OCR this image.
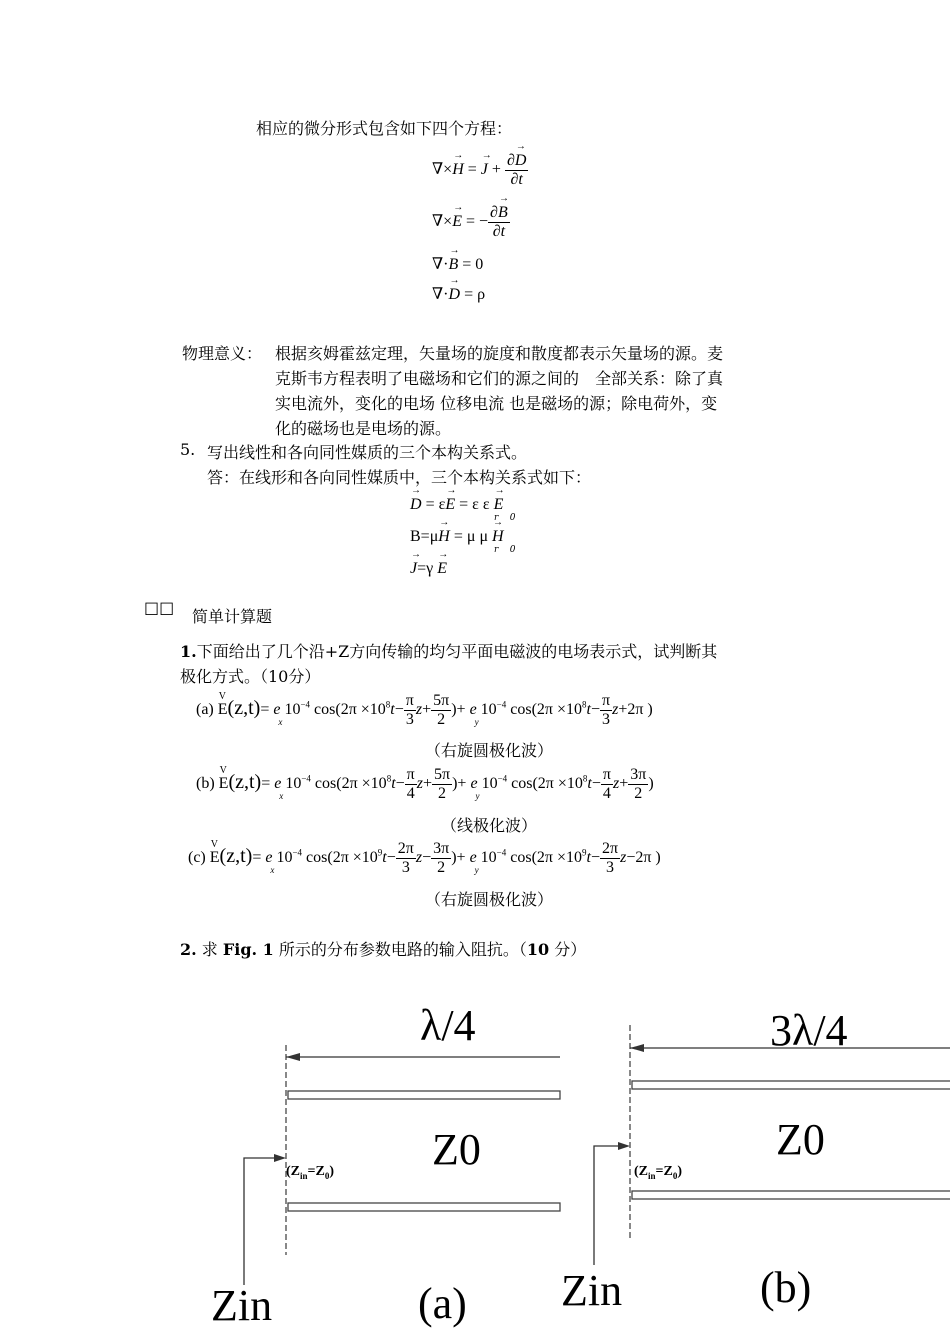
相应的微分形式包含如下四个方程：
∇×→ H = → $J + \frac{\partial\to D}{\partial t}$
∇×→ E = − $\frac{\partial\to B}{\partial t}$
∇·→ B = 0
∇·→ D = ρ
物理意义： 根据亥姆霍兹定理，矢量场的旋度和散度都表示矢量场的源。麦
克斯韦方程表明了电磁场和它们的源之间的　全部关系：除了真
实电流外，变化的电场 位移电流 也是磁场的源；除电荷外，变
化的磁场也是电场的源。
5. 写出线性和各向同性媒质的三个本构关系式。
答：在线形和各向同性媒质中，三个本构关系式如下：
→ D = ε→ E = ε ε → E
r    0
B=μ→ H = μ μ → H
r    0
→ J=γ → E
□□ 简单计算题
1.下面给出了几个沿+Z方向传输的均匀平面电磁波的电场表示式，试判断其
极化方式。（10分）
(a)
V
E(z,t)= e
x
$10^{-4}$ $\cos(2\pi \times 10^8t- \frac{\pi}{3} z+ \frac{5\pi}{2}$ )+ e
y
$10^{-4}$ $\cos(2\pi \times 10^8t- \frac{\pi}{3} z+2\pi$ )
（右旋圆极化波）
(b)
V
E(z,t)= e
x
$10^{-4}$ $\cos(2\pi \times 10^8t- \frac{\pi}{4} z+ \frac{5\pi}{2}$ )+ e
y
$10^{-4}$ $\cos(2\pi \times 10^8t- \frac{\pi}{4} z+ \frac{3\pi}{2}$ )
（线极化波）
(c)
V
E(z,t)= e
x
$10^{-4}$ $\cos(2\pi \times 10^9t- \frac{2\pi}{3} z- \frac{3\pi}{2}$ )+ e
y
$10^{-4}$ $\cos(2\pi \times 10^9t- \frac{2\pi}{3} z-2\pi$ )
（右旋圆极化波）
2. 求 Fig. 1 所示的分布参数电路的输入阻抗。（10 分）
λ/4
Z0
$(Z_{in}=Z_0)$
Zin	(a)
3λ/4
Z0
$(Z_{in}=Z_0)$
Zin	(b)
